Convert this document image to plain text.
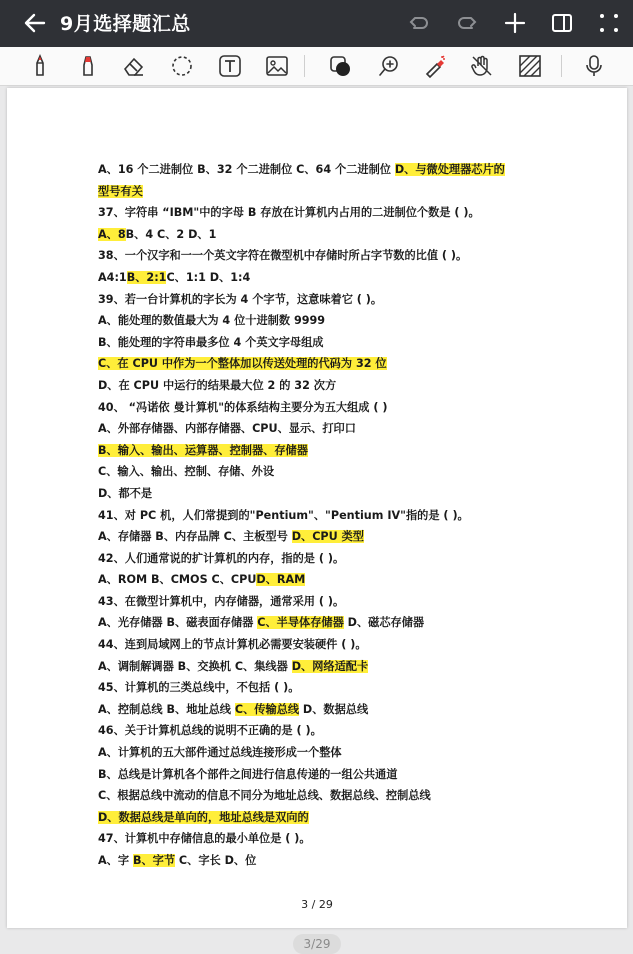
9月选择题汇总
A、16 个二进制位 B、32 个二进制位 C、64 个二进制位 D、与微处理器芯片的
型号有关
37、字符串 “IBM"中的字母 B 存放在计算机内占用的二进制位个数是 ( )。
A、8B、4 C、2 D、1
38、一个汉字和一一个英文字符在微型机中存储时所占字节数的比值 ( )。
A4:1B、2:1C、1:1 D、1:4
39、若一台计算机的字长为 4 个字节，这意味着它 ( )。
A、能处理的数值最大为 4 位十进制数 9999
B、能处理的字符串最多位 4 个英文字母组成
C、在 CPU 中作为一个整体加以传送处理的代码为 32 位
D、在 CPU 中运行的结果最大位 2 的 32 次方
40、 “冯诺依 曼计算机"的体系结构主要分为五大组成 ( )
A、外部存储器、内部存储器、CPU、显示、打印口
B、输入、输出、运算器、控制器、存储器
C、输入、输出、控制、存储、外设
D、都不是
41、对 PC 机，人们常提到的"Pentium"、"Pentium IV"指的是 ( )。
A、存储器 B、内存品牌 C、主板型号 D、CPU 类型
42、人们通常说的扩计算机的内存，指的是 ( )。
A、ROM B、CMOS C、CPUD、RAM
43、在微型计算机中，内存储器，通常采用 ( )。
A、光存储器 B、磁表面存储器 C、半导体存储器 D、磁芯存储器
44、连到局域网上的节点计算机必需要安装硬件 ( )。
A、调制解调器 B、交换机 C、集线器 D、网络适配卡
45、计算机的三类总线中，不包括 ( )。
A、控制总线 B、地址总线 C、传输总线 D、数据总线
46、关于计算机总线的说明不正确的是 ( )。
A、计算机的五大部件通过总线连接形成一个整体
B、总线是计算机各个部件之间进行信息传递的一组公共通道
C、根据总线中流动的信息不同分为地址总线、数据总线、控制总线
D、数据总线是单向的，地址总线是双向的
47、计算机中存储信息的最小单位是 ( )。
A、字 B、字节 C、字长 D、位
3 / 29
3/29
